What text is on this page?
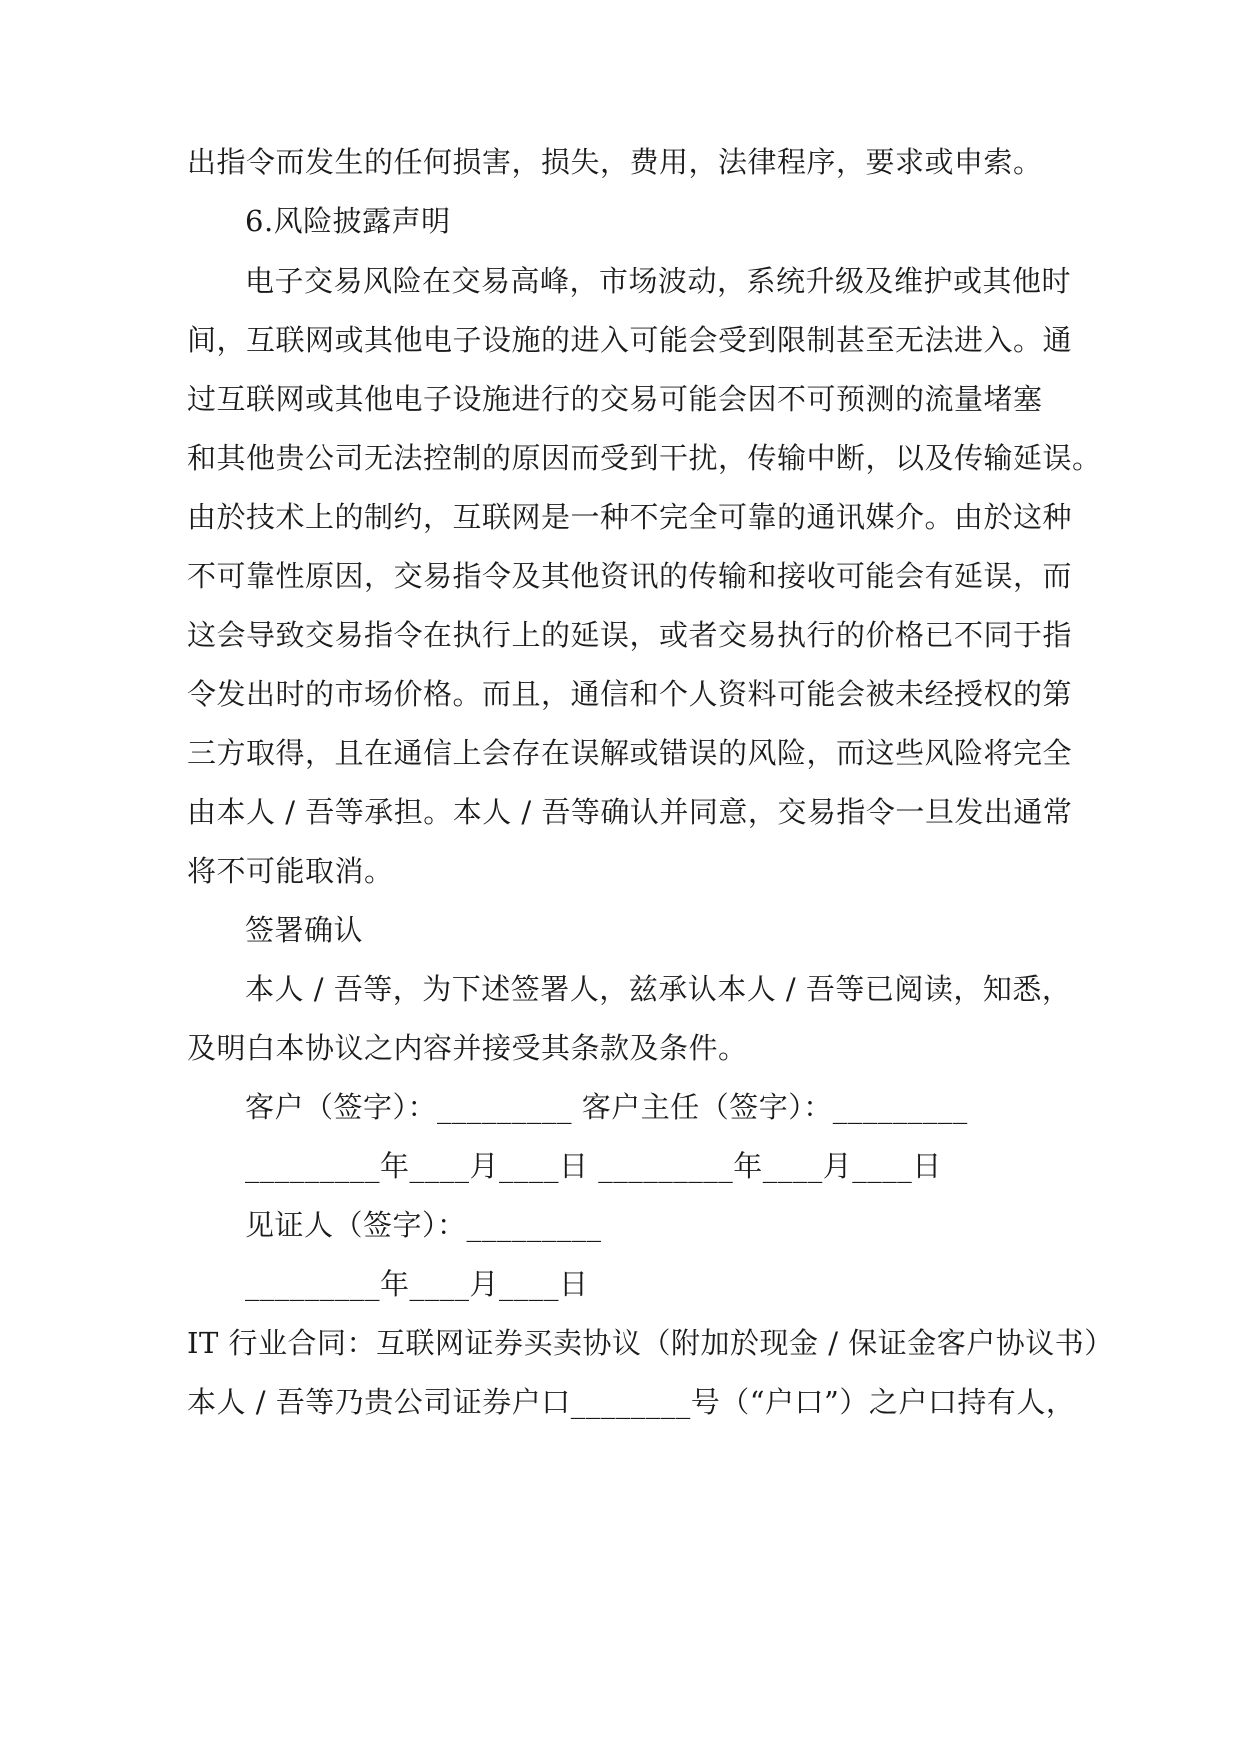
出指令而发生的任何损害，损失，费用，法律程序，要求或申索。
6.风险披露声明
电子交易风险在交易高峰，市场波动，系统升级及维护或其他时
间，互联网或其他电子设施的进入可能会受到限制甚至无法进入。通
过互联网或其他电子设施进行的交易可能会因不可预测的流量堵塞
和其他贵公司无法控制的原因而受到干扰，传输中断，以及传输延误。
由於技术上的制约，互联网是一种不完全可靠的通讯媒介。由於这种
不可靠性原因，交易指令及其他资讯的传输和接收可能会有延误，而
这会导致交易指令在执行上的延误，或者交易执行的价格已不同于指
令发出时的市场价格。而且，通信和个人资料可能会被未经授权的第
三方取得，且在通信上会存在误解或错误的风险，而这些风险将完全
由本人 / 吾等承担。本人 / 吾等确认并同意，交易指令一旦发出通常
将不可能取消。
签署确认
本人 / 吾等，为下述签署人，兹承认本人 / 吾等已阅读，知悉，
及明白本协议之内容并接受其条款及条件。
客户（签字）：_________ 客户主任（签字）：_________
_________年____月____日 _________年____月____日
见证人（签字）：_________
_________年____月____日
IT 行业合同：互联网证券买卖协议（附加於现金 / 保证金客户协议书）
本人 / 吾等乃贵公司证券户口________号（“户口”）之户口持有人，
